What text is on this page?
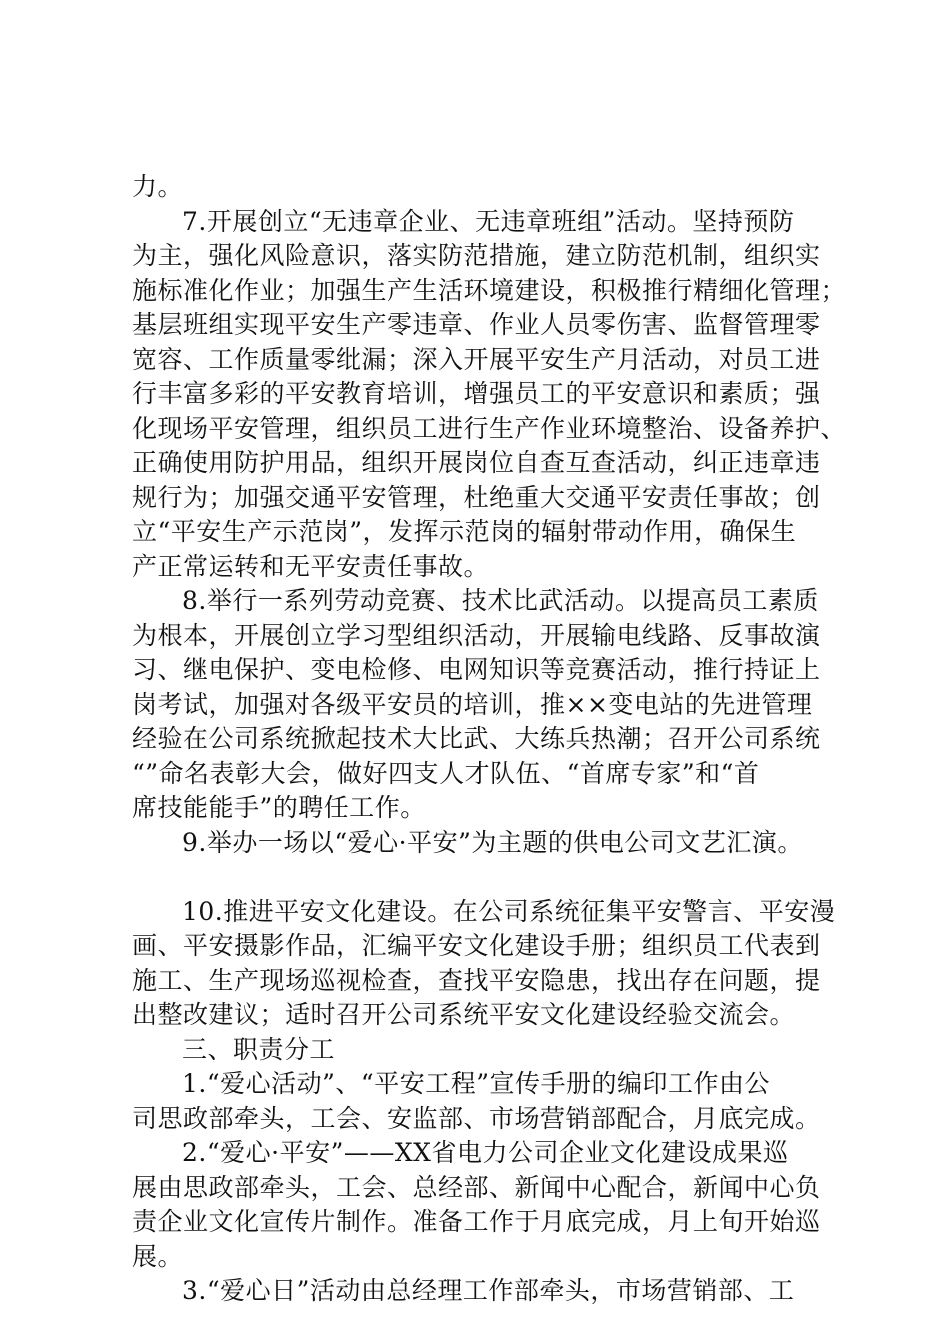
力。
7.开展创立“无违章企业、无违章班组”活动。坚持预防
为主，强化风险意识，落实防范措施，建立防范机制，组织实
施标准化作业；加强生产生活环境建设，积极推行精细化管理；
基层班组实现平安生产零违章、作业人员零伤害、监督管理零
宽容、工作质量零纰漏；深入开展平安生产月活动，对员工进
行丰富多彩的平安教育培训，增强员工的平安意识和素质；强
化现场平安管理，组织员工进行生产作业环境整治、设备养护、
正确使用防护用品，组织开展岗位自查互查活动，纠正违章违
规行为；加强交通平安管理，杜绝重大交通平安责任事故；创
立“平安生产示范岗”，发挥示范岗的辐射带动作用，确保生
产正常运转和无平安责任事故。
8.举行一系列劳动竞赛、技术比武活动。以提高员工素质
为根本，开展创立学习型组织活动，开展输电线路、反事故演
习、继电保护、变电检修、电网知识等竞赛活动，推行持证上
岗考试，加强对各级平安员的培训，推××变电站的先进管理
经验在公司系统掀起技术大比武、大练兵热潮；召开公司系统
“”命名表彰大会，做好四支人才队伍、“首席专家”和“首
席技能能手”的聘任工作。
9.举办一场以“爱心·平安”为主题的供电公司文艺汇演。
10.推进平安文化建设。在公司系统征集平安警言、平安漫
画、平安摄影作品，汇编平安文化建设手册；组织员工代表到
施工、生产现场巡视检查，查找平安隐患，找出存在问题，提
出整改建议；适时召开公司系统平安文化建设经验交流会。
三、职责分工
1.“爱心活动”、“平安工程”宣传手册的编印工作由公
司思政部牵头，工会、安监部、市场营销部配合，月底完成。
2.“爱心·平安”——XX省电力公司企业文化建设成果巡
展由思政部牵头，工会、总经部、新闻中心配合，新闻中心负
责企业文化宣传片制作。准备工作于月底完成，月上旬开始巡
展。
3.“爱心日”活动由总经理工作部牵头，市场营销部、工
